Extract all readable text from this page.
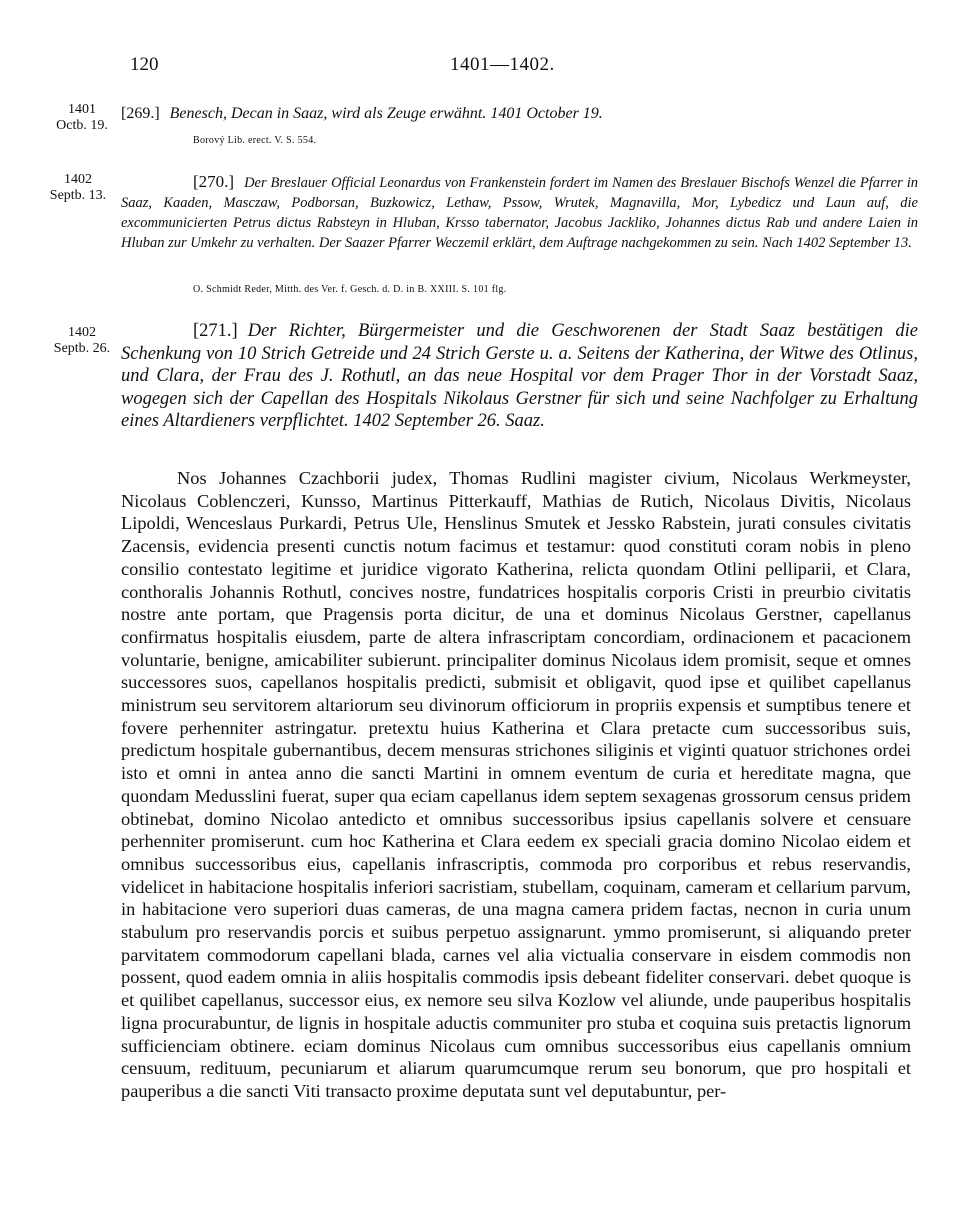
120	1401—1402.
1401
Octb. 19.
[269.] Benesch, Decan in Saaz, wird als Zeuge erwähnt. 1401 October 19.
Borový Lib. erect. V. S. 554.
1402
Septb. 13.
[270.] Der Breslauer Official Leonardus von Frankenstein fordert im Namen des Breslauer Bischofs Wenzel die Pfarrer in Saaz, Kaaden, Masczaw, Podborsan, Buzkowicz, Lethaw, Pssow, Wrutek, Magnavilla, Mor, Lybedicz und Laun auf, die excommunicierten Petrus dictus Rabsteyn in Hluban, Krsso tabernator, Jacobus Jackliko, Johannes dictus Rab und andere Laien in Hluban zur Umkehr zu verhalten. Der Saazer Pfarrer Weczemil erklärt, dem Auftrage nachgekommen zu sein. Nach 1402 September 13.
O. Schmidt Reder, Mitth. des Ver. f. Gesch. d. D. in B. XXIII. S. 101 flg.
1402
Septb. 26.
[271.] Der Richter, Bürgermeister und die Geschworenen der Stadt Saaz bestätigen die Schenkung von 10 Strich Getreide und 24 Strich Gerste u. a. Seitens der Katherina, der Witwe des Otlinus, und Clara, der Frau des J. Rothutl, an das neue Hospital vor dem Prager Thor in der Vorstadt Saaz, wogegen sich der Capellan des Hospitals Nikolaus Gerstner für sich und seine Nachfolger zu Erhaltung eines Altardieners verpflichtet. 1402 September 26. Saaz.
Nos Johannes Czachborii judex, Thomas Rudlini magister civium, Nicolaus Werkmeyster, Nicolaus Coblenczeri, Kunsso, Martinus Pitterkauff, Mathias de Rutich, Nicolaus Divitis, Nicolaus Lipoldi, Wenceslaus Purkardi, Petrus Ule, Henslinus Smutek et Jessko Rabstein, jurati consules civitatis Zacensis, evidencia presenti cunctis notum facimus et testamur: quod constituti coram nobis in pleno consilio contestato legitime et juridice vigorato Katherina, relicta quondam Otlini pelliparii, et Clara, conthoralis Johannis Rothutl, concives nostre, fundatrices hospitalis corporis Cristi in preurbio civitatis nostre ante portam, que Pragensis porta dicitur, de una et dominus Nicolaus Gerstner, capellanus confirmatus hospitalis eiusdem, parte de altera infrascriptam concordiam, ordinacionem et pacacionem voluntarie, benigne, amicabiliter subierunt. principaliter dominus Nicolaus idem promisit, seque et omnes successores suos, capellanos hospitalis predicti, submisit et obligavit, quod ipse et quilibet capellanus ministrum seu servitorem altariorum seu divinorum officiorum in propriis expensis et sumptibus tenere et fovere perhenniter astringatur. pretextu huius Katherina et Clara pretacte cum successoribus suis, predictum hospitale gubernantibus, decem mensuras strichones siliginis et viginti quatuor strichones ordei isto et omni in antea anno die sancti Martini in omnem eventum de curia et hereditate magna, que quondam Medusslini fuerat, super qua eciam capellanus idem septem sexagenas grossorum census pridem obtinebat, domino Nicolao antedicto et omnibus successoribus ipsius capellanis solvere et censuare perhenniter promiserunt. cum hoc Katherina et Clara eedem ex speciali gracia domino Nicolao eidem et omnibus successoribus eius, capellanis infrascriptis, commoda pro corporibus et rebus reservandis, videlicet in habitacione hospitalis inferiori sacristiam, stubellam, coquinam, cameram et cellarium parvum, in habitacione vero superiori duas cameras, de una magna camera pridem factas, necnon in curia unum stabulum pro reservandis porcis et suibus perpetuo assignarunt. ymmo promiserunt, si aliquando preter parvitatem commodorum capellani blada, carnes vel alia victualia conservare in eisdem commodis non possent, quod eadem omnia in aliis hospitalis commodis ipsis debeant fideliter conservari. debet quoque is et quilibet capellanus, successor eius, ex nemore seu silva Kozlow vel aliunde, unde pauperibus hospitalis ligna procurabuntur, de lignis in hospitale aductis communiter pro stuba et coquina suis pretactis lignorum sufficienciam obtinere. eciam dominus Nicolaus cum omnibus successoribus eius capellanis omnium censuum, redituum, pecuniarum et aliarum quarumcumque rerum seu bonorum, que pro hospitali et pauperibus a die sancti Viti transacto proxime deputata sunt vel deputabuntur, per-
